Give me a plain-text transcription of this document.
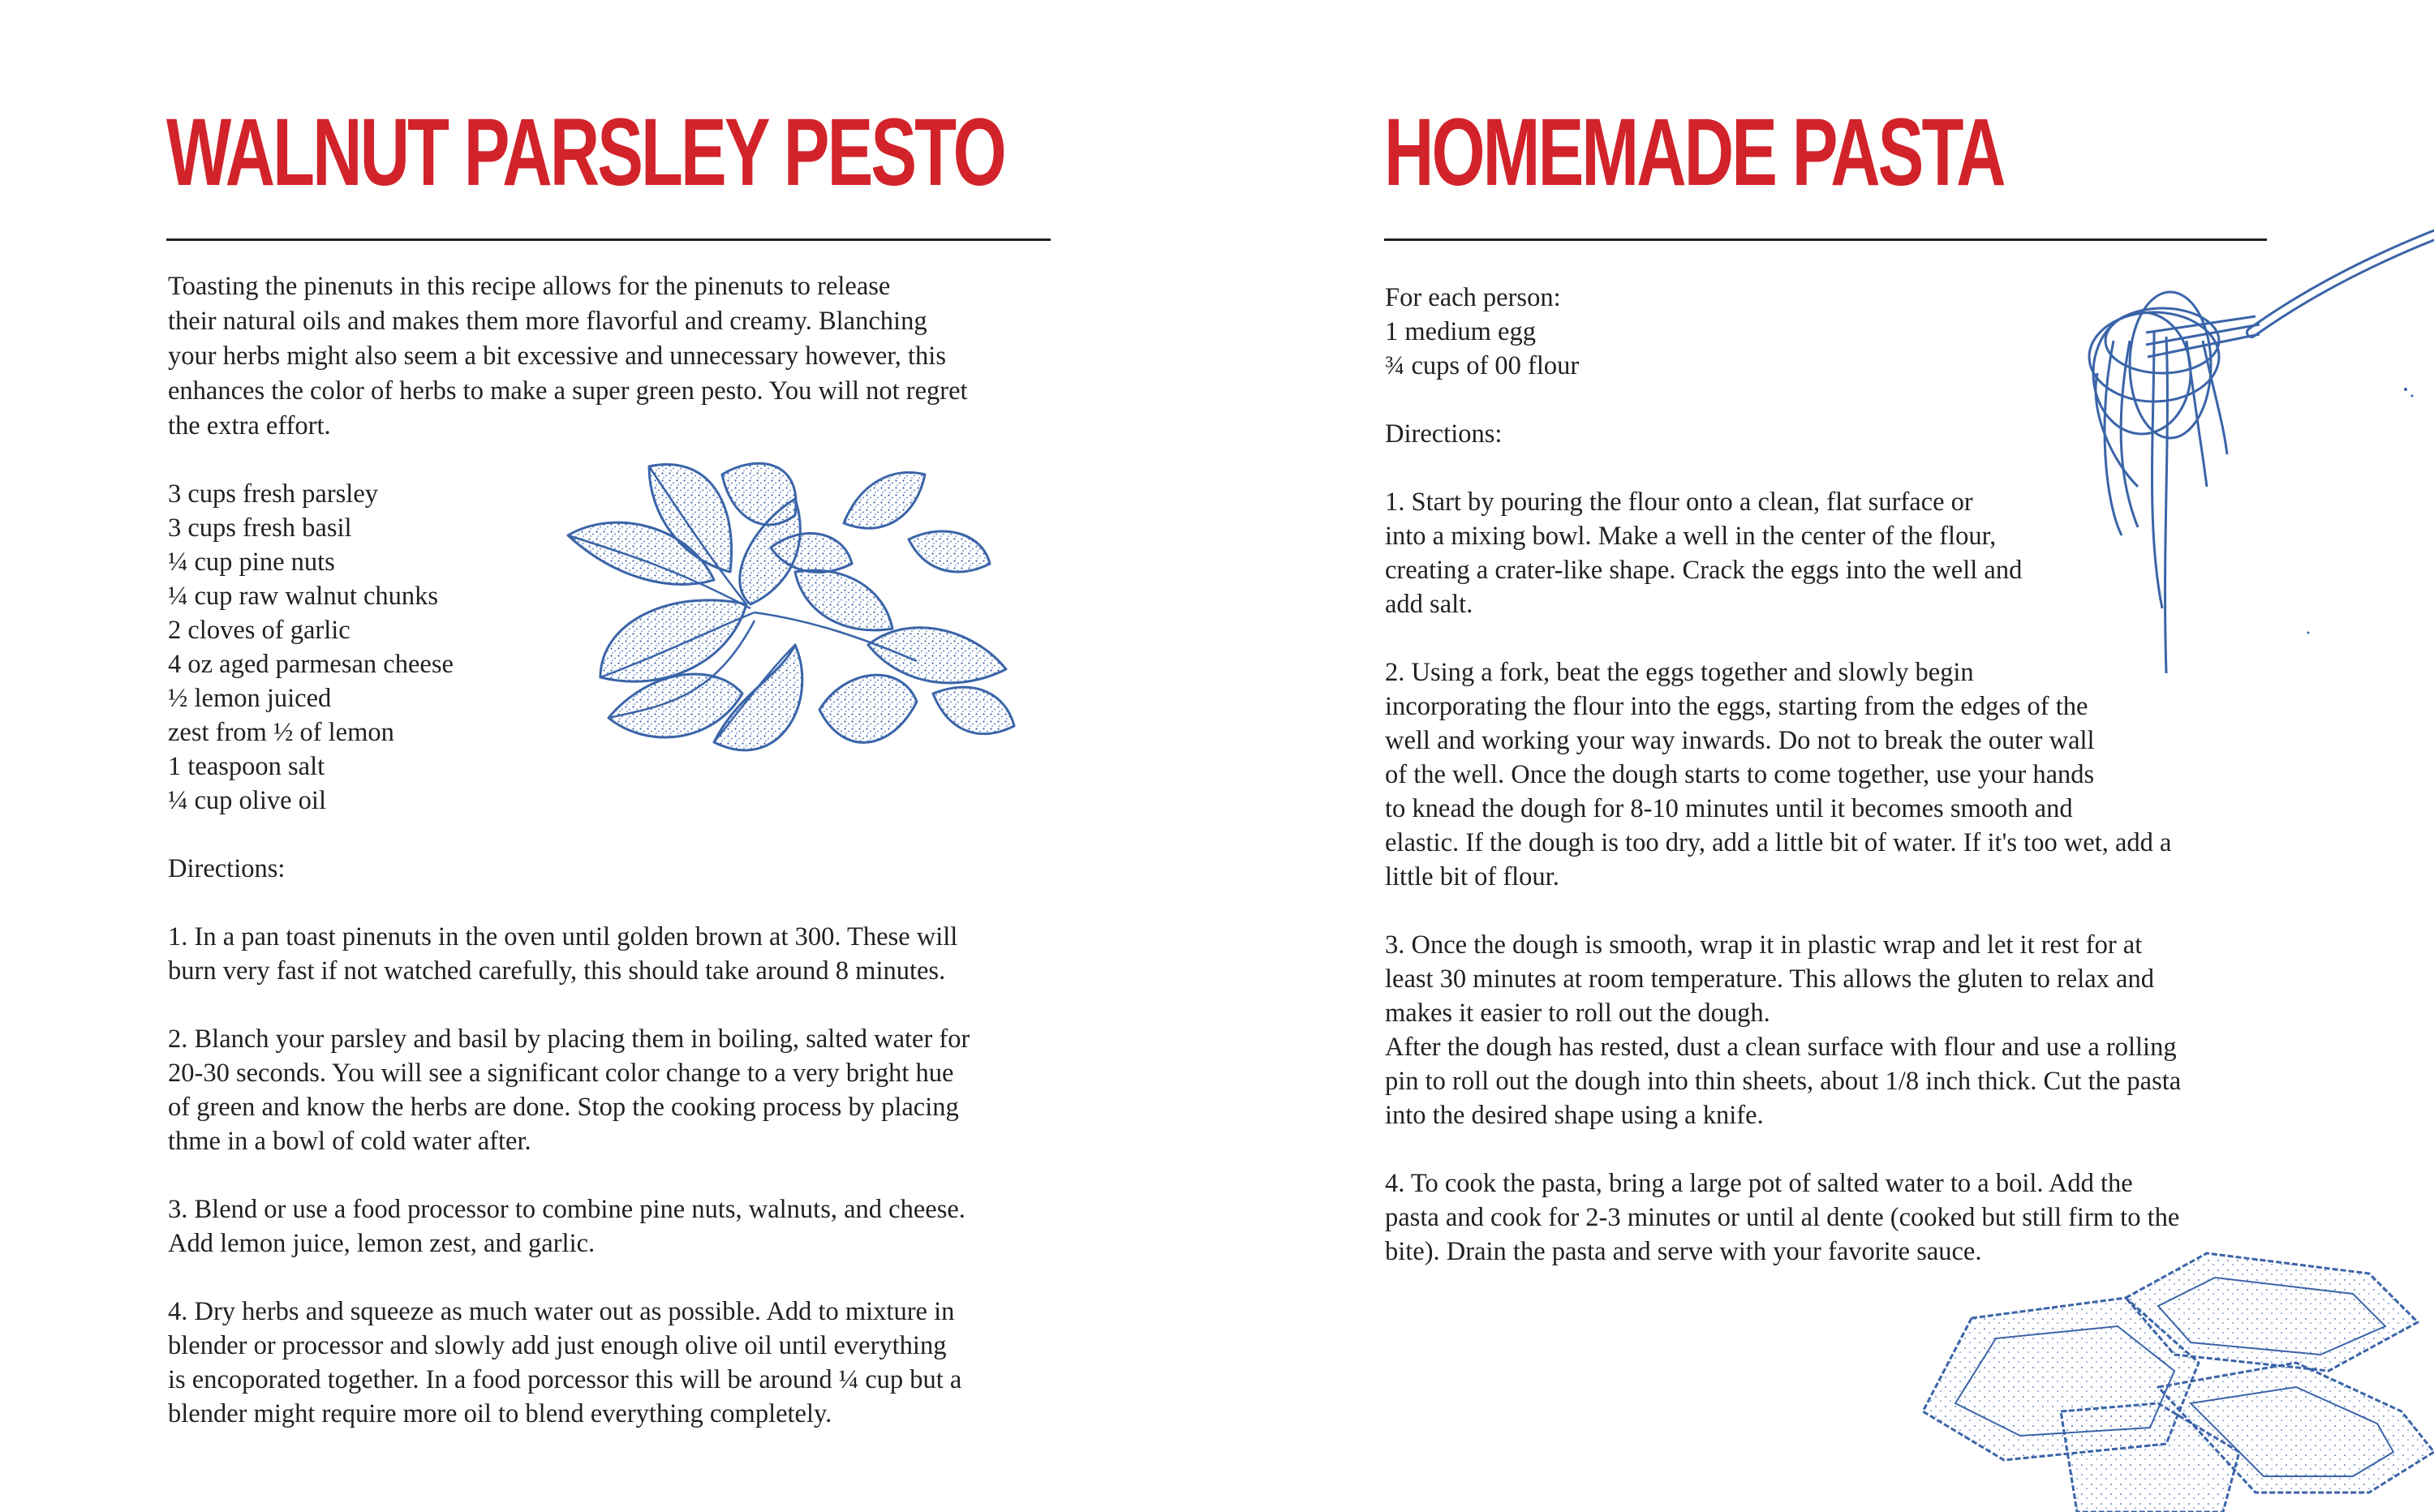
WALNUT PARSLEY PESTO

Toasting the pinenuts in this recipe allows for the pinenuts to release

their natural oils and makes them more flavorful and creamy. Blanching

your herbs might also seem a bit excessive and unnecessary however, this

enhances the color of herbs to make a super green pesto. You will not regret

the extra effort.

3 cups fresh parsley

3 cups fresh basil

¼ cup pine nuts

¼ cup raw walnut chunks

2 cloves of garlic

4 oz aged parmesan cheese

½ lemon juiced

zest from ½ of lemon

1 teaspoon salt

¼ cup olive oil

Directions:

1. In a pan toast pinenuts in the oven until golden brown at 300. These will

burn very fast if not watched carefully, this should take around 8 minutes.

2. Blanch your parsley and basil by placing them in boiling, salted water for

20-30 seconds. You will see a significant color change to a very bright hue

of green and know the herbs are done. Stop the cooking process by placing

thme in a bowl of cold water after.

3. Blend or use a food processor to combine pine nuts, walnuts, and cheese.

Add lemon juice, lemon zest, and garlic.

4. Dry herbs and squeeze as much water out as possible. Add to mixture in

blender or processor and slowly add just enough olive oil until everything

is encoporated together. In a food porcessor this will be around ¼ cup but a

blender might require more oil to blend everything completely.

HOMEMADE PASTA

For each person:

1 medium egg

¾ cups of 00 flour

Directions:

1. Start by pouring the flour onto a clean, flat surface or

into a mixing bowl. Make a well in the center of the flour,

creating a crater-like shape. Crack the eggs into the well and

add salt.

2. Using a fork, beat the eggs together and slowly begin

incorporating the flour into the eggs, starting from the edges of the

well and working your way inwards. Do not to break the outer wall

of the well. Once the dough starts to come together, use your hands

to knead the dough for 8-10 minutes until it becomes smooth and

elastic. If the dough is too dry, add a little bit of water. If it's too wet, add a

little bit of flour.

3. Once the dough is smooth, wrap it in plastic wrap and let it rest for at

least 30 minutes at room temperature. This allows the gluten to relax and

makes it easier to roll out the dough.

After the dough has rested, dust a clean surface with flour and use a rolling

pin to roll out the dough into thin sheets, about 1/8 inch thick. Cut the pasta

into the desired shape using a knife.

4. To cook the pasta, bring a large pot of salted water to a boil. Add the

pasta and cook for 2-3 minutes or until al dente (cooked but still firm to the

bite). Drain the pasta and serve with your favorite sauce.
